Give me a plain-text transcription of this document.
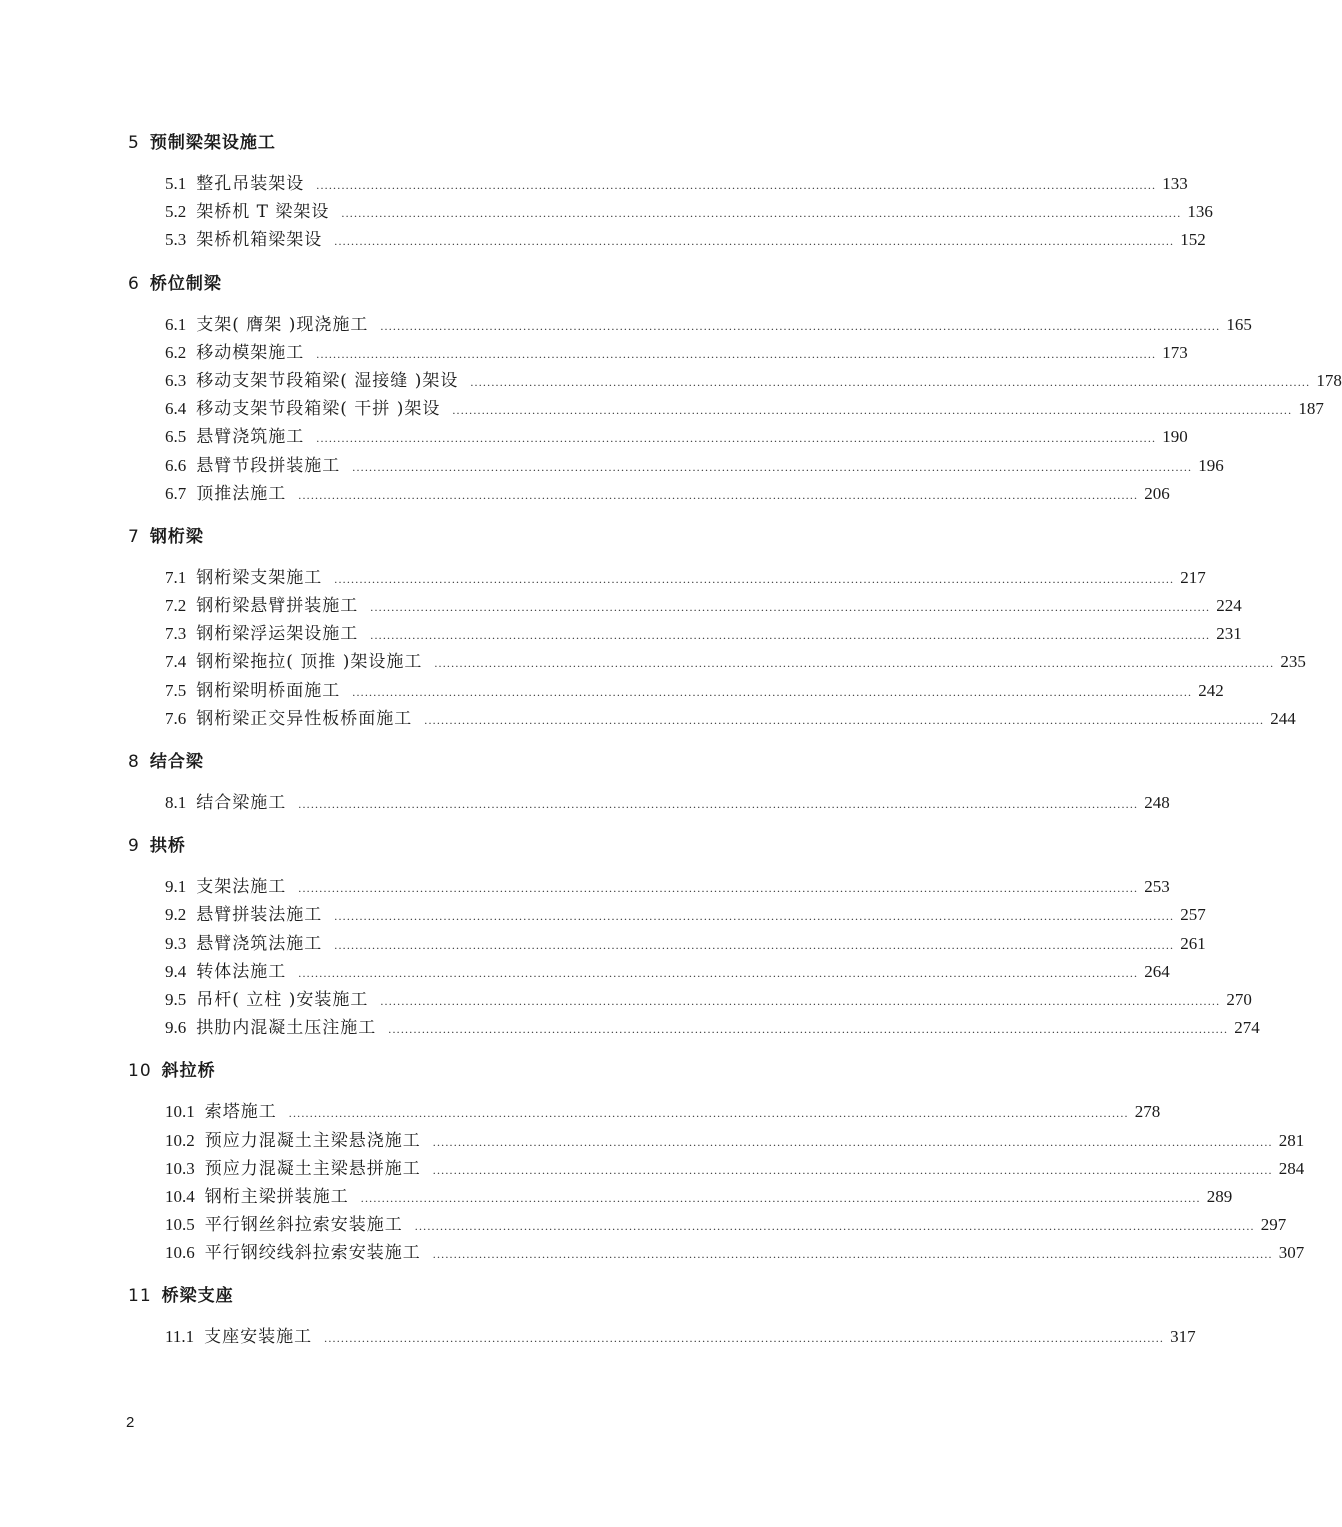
5 预制梁架设施工
5.1 整孔吊装架设 ........................................................................................................................................................................................................ 133
5.2 架桥机 T 梁架设 ........................................................................................................................................................................................................ 136
5.3 架桥机箱梁架设 ........................................................................................................................................................................................................ 152
6 桥位制梁
6.1 支架( 膺架 )现浇施工 ........................................................................................................................................................................................................ 165
6.2 移动模架施工 ........................................................................................................................................................................................................ 173
6.3 移动支架节段箱梁( 湿接缝 )架设 ........................................................................................................................................................................................................ 178
6.4 移动支架节段箱梁( 干拼 )架设 ........................................................................................................................................................................................................ 187
6.5 悬臂浇筑施工 ........................................................................................................................................................................................................ 190
6.6 悬臂节段拼装施工 ........................................................................................................................................................................................................ 196
6.7 顶推法施工 ........................................................................................................................................................................................................ 206
7 钢桁梁
7.1 钢桁梁支架施工 ........................................................................................................................................................................................................ 217
7.2 钢桁梁悬臂拼装施工 ........................................................................................................................................................................................................ 224
7.3 钢桁梁浮运架设施工 ........................................................................................................................................................................................................ 231
7.4 钢桁梁拖拉( 顶推 )架设施工 ........................................................................................................................................................................................................ 235
7.5 钢桁梁明桥面施工 ........................................................................................................................................................................................................ 242
7.6 钢桁梁正交异性板桥面施工 ........................................................................................................................................................................................................ 244
8 结合梁
8.1 结合梁施工 ........................................................................................................................................................................................................ 248
9 拱桥
9.1 支架法施工 ........................................................................................................................................................................................................ 253
9.2 悬臂拼装法施工 ........................................................................................................................................................................................................ 257
9.3 悬臂浇筑法施工 ........................................................................................................................................................................................................ 261
9.4 转体法施工 ........................................................................................................................................................................................................ 264
9.5 吊杆( 立柱 )安装施工 ........................................................................................................................................................................................................ 270
9.6 拱肋内混凝土压注施工 ........................................................................................................................................................................................................ 274
10 斜拉桥
10.1 索塔施工 ........................................................................................................................................................................................................ 278
10.2 预应力混凝土主梁悬浇施工 ........................................................................................................................................................................................................ 281
10.3 预应力混凝土主梁悬拼施工 ........................................................................................................................................................................................................ 284
10.4 钢桁主梁拼装施工 ........................................................................................................................................................................................................ 289
10.5 平行钢丝斜拉索安装施工 ........................................................................................................................................................................................................ 297
10.6 平行钢绞线斜拉索安装施工 ........................................................................................................................................................................................................ 307
11 桥梁支座
11.1 支座安装施工 ........................................................................................................................................................................................................ 317
2
